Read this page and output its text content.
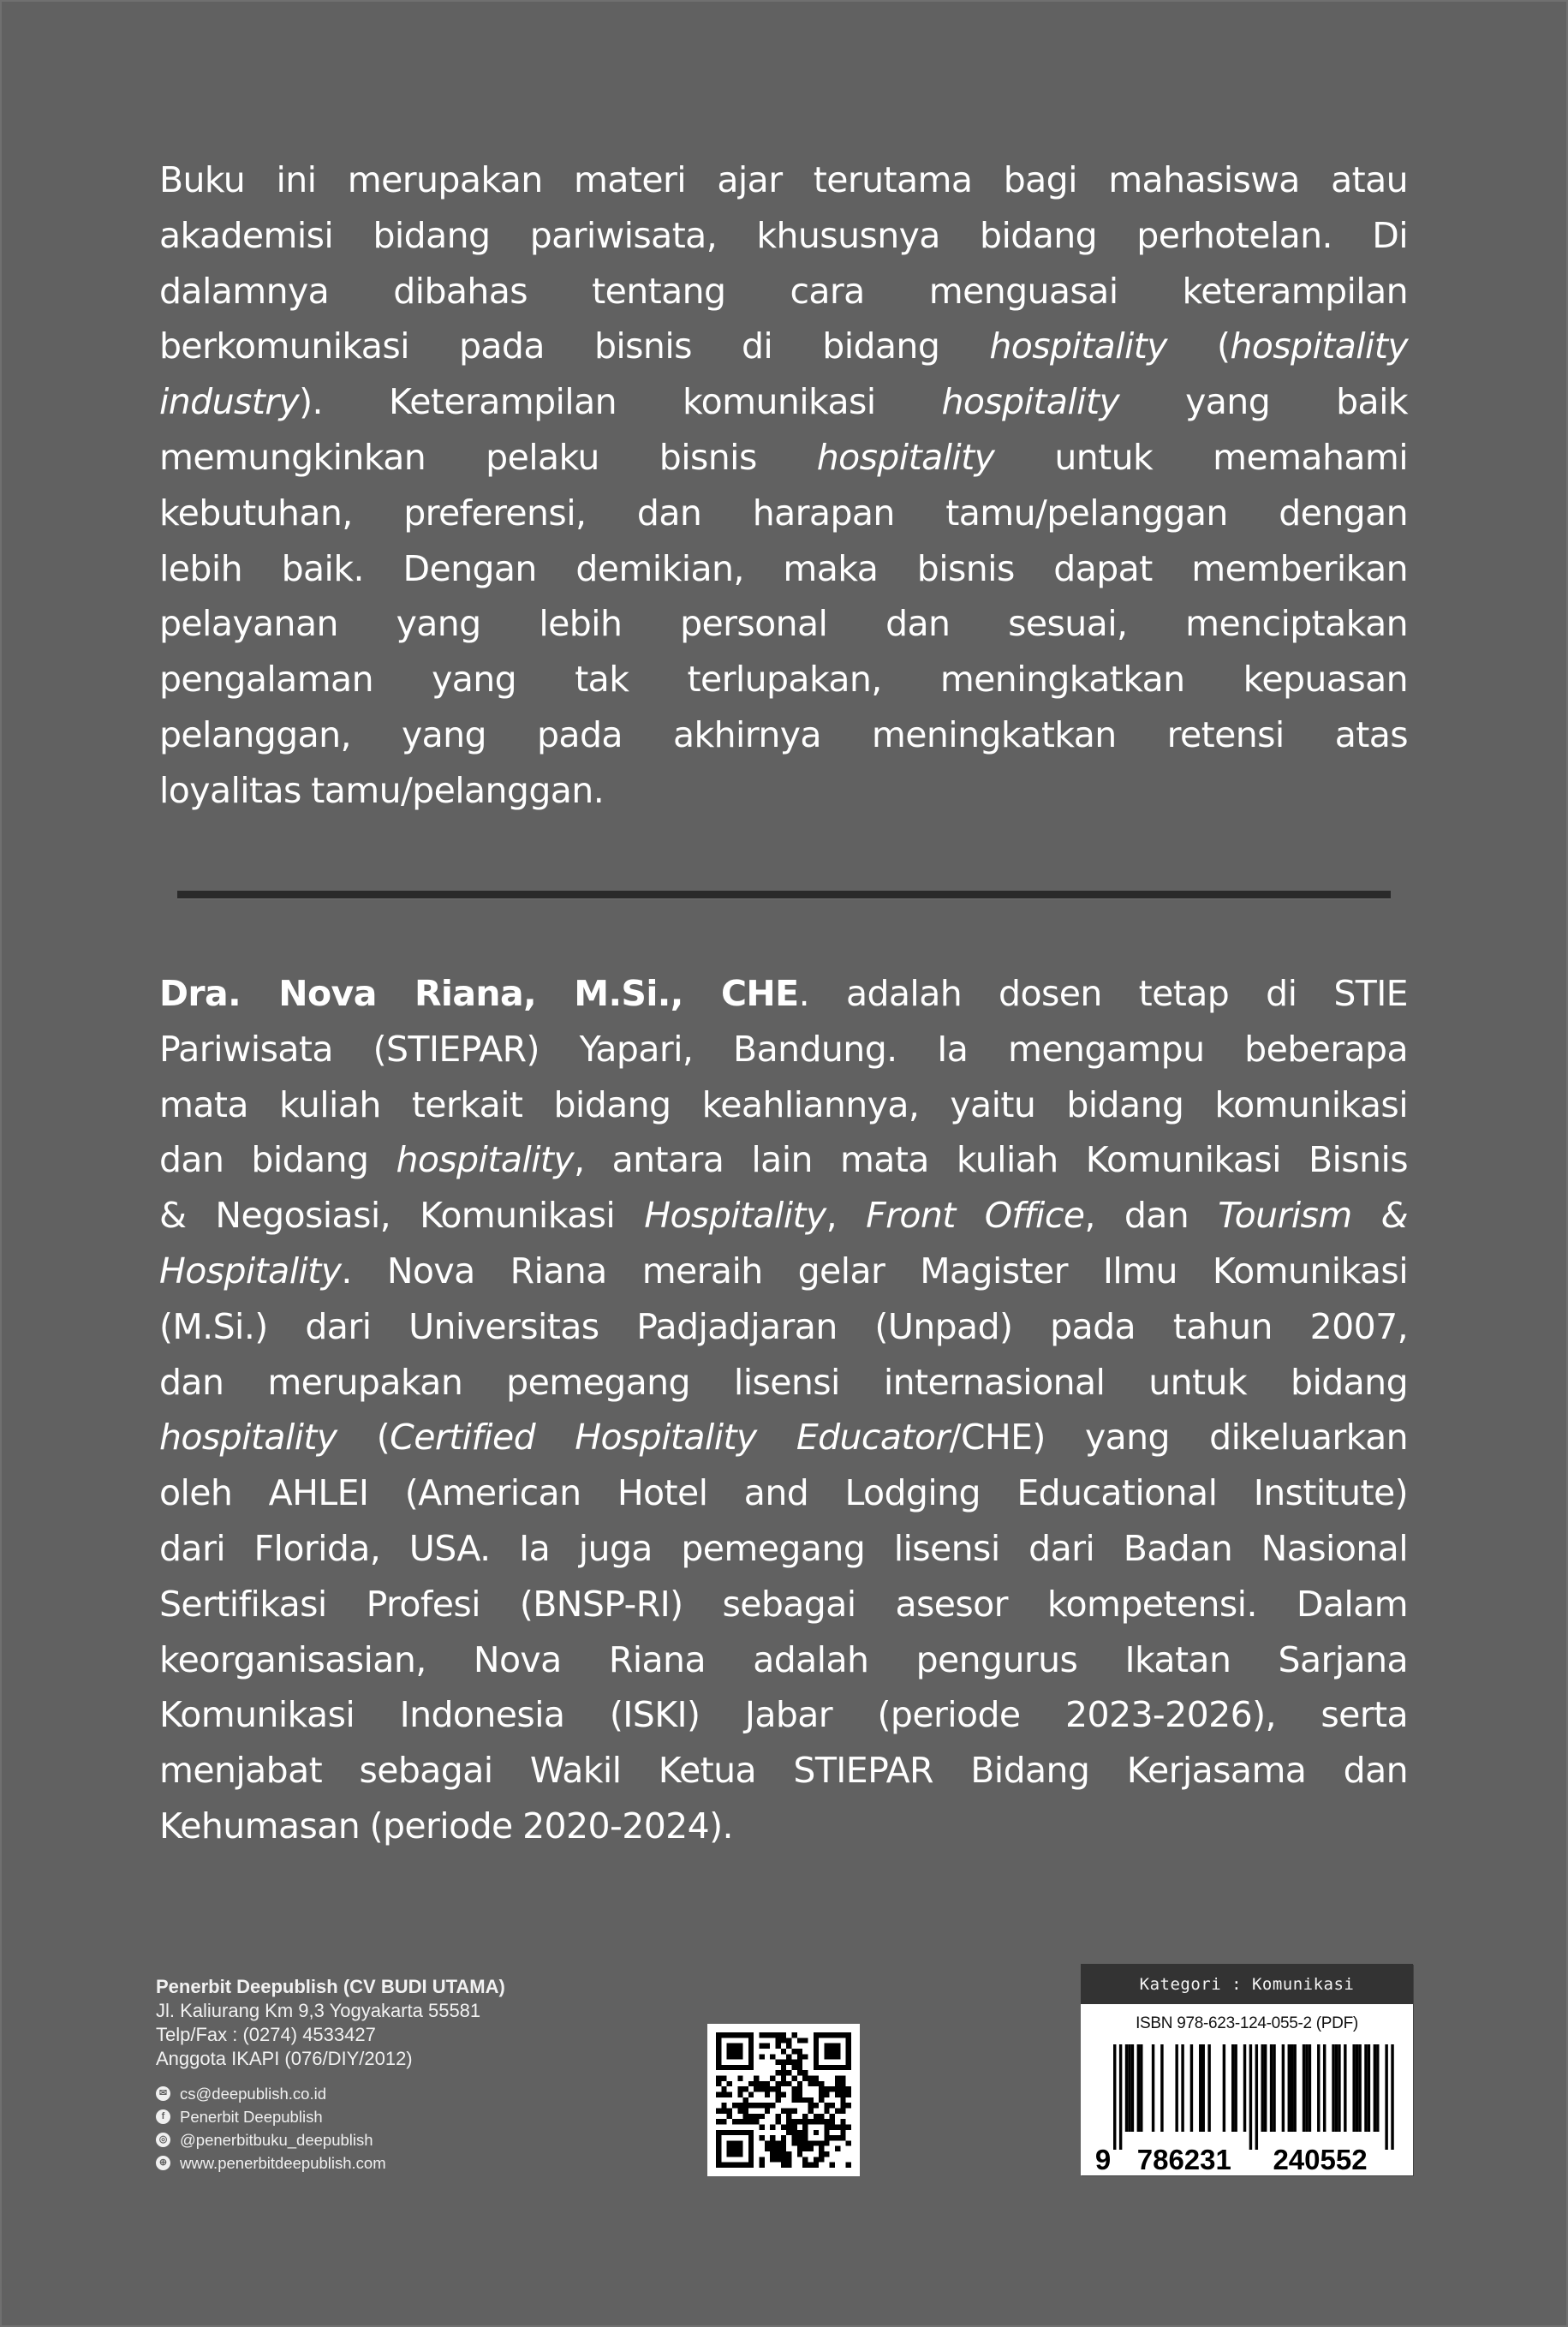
Buku ini merupakan materi ajar terutama bagi mahasiswa atau
akademisi bidang pariwisata, khususnya bidang perhotelan. Di
dalamnya dibahas tentang cara menguasai keterampilan
berkomunikasi pada bisnis di bidang hospitality (hospitality
industry). Keterampilan komunikasi hospitality yang baik
memungkinkan pelaku bisnis hospitality untuk memahami
kebutuhan, preferensi, dan harapan tamu/pelanggan dengan
lebih baik. Dengan demikian, maka bisnis dapat memberikan
pelayanan yang lebih personal dan sesuai, menciptakan
pengalaman yang tak terlupakan, meningkatkan kepuasan
pelanggan, yang pada akhirnya meningkatkan retensi atas
loyalitas tamu/pelanggan.
Dra. Nova Riana, M.Si., CHE. adalah dosen tetap di STIE
Pariwisata (STIEPAR) Yapari, Bandung. Ia mengampu beberapa
mata kuliah terkait bidang keahliannya, yaitu bidang komunikasi
dan bidang hospitality, antara lain mata kuliah Komunikasi Bisnis
& Negosiasi, Komunikasi Hospitality, Front Office, dan Tourism &
Hospitality. Nova Riana meraih gelar Magister Ilmu Komunikasi
(M.Si.) dari Universitas Padjadjaran (Unpad) pada tahun 2007,
dan merupakan pemegang lisensi internasional untuk bidang
hospitality (Certified Hospitality Educator/CHE) yang dikeluarkan
oleh AHLEI (American Hotel and Lodging Educational Institute)
dari Florida, USA. Ia juga pemegang lisensi dari Badan Nasional
Sertifikasi Profesi (BNSP-RI) sebagai asesor kompetensi. Dalam
keorganisasian, Nova Riana adalah pengurus Ikatan Sarjana
Komunikasi Indonesia (ISKI) Jabar (periode 2023-2026), serta
menjabat sebagai Wakil Ketua STIEPAR Bidang Kerjasama dan
Kehumasan (periode 2020-2024).
Penerbit Deepublish (CV BUDI UTAMA)
Jl. Kaliurang Km 9,3 Yogyakarta 55581
Telp/Fax : (0274) 4533427
Anggota IKAPI (076/DIY/2012)
✉ cs@deepublish.co.id
f Penerbit Deepublish
◎ @penerbitbuku_deepublish
⊕ www.penerbitdeepublish.com
Kategori : Komunikasi
ISBN 978-623-124-055-2 (PDF)
9 786231 240552
